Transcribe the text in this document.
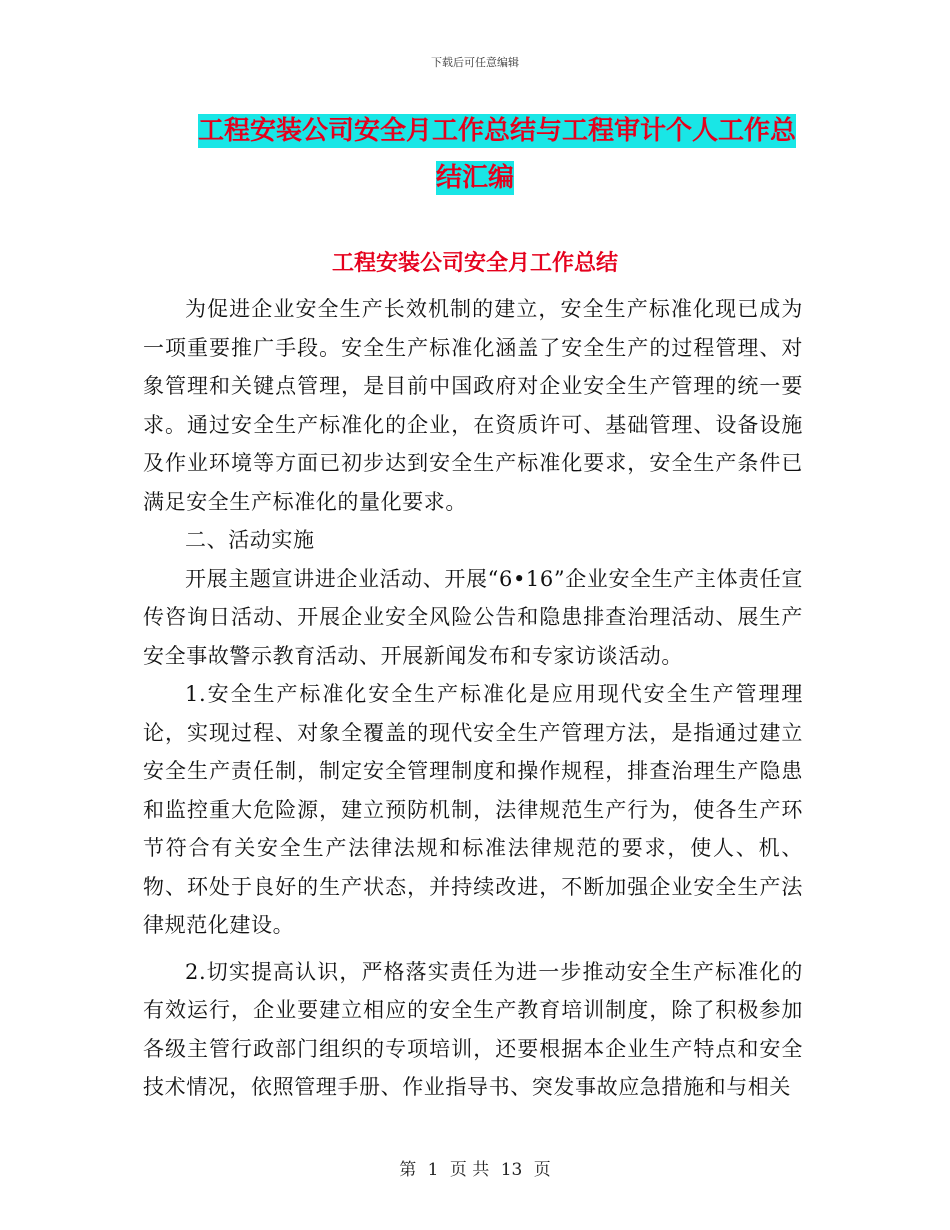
下载后可任意编辑
工程安装公司安全月工作总结与工程审计个人工作总
结汇编
工程安装公司安全月工作总结

为促进企业安全生产长效机制的建立，安全生产标准化现已成为一项重要推广手段。安全生产标准化涵盖了安全生产的过程管理、对象管理和关键点管理，是目前中国政府对企业安全生产管理的统一要求。通过安全生产标准化的企业，在资质许可、基础管理、设备设施及作业环境等方面已初步达到安全生产标准化要求，安全生产条件已满足安全生产标准化的量化要求。

二、活动实施

开展主题宣讲进企业活动、开展“6•16”企业安全生产主体责任宣传咨询日活动、开展企业安全风险公告和隐患排查治理活动、展生产安全事故警示教育活动、开展新闻发布和专家访谈活动。

1.安全生产标准化安全生产标准化是应用现代安全生产管理理论，实现过程、对象全覆盖的现代安全生产管理方法，是指通过建立安全生产责任制，制定安全管理制度和操作规程，排查治理生产隐患和监控重大危险源，建立预防机制，法律规范生产行为，使各生产环节符合有关安全生产法律法规和标准法律规范的要求，使人、机、物、环处于良好的生产状态，并持续改进，不断加强企业安全生产法律规范化建设。

2.切实提高认识，严格落实责任为进一步推动安全生产标准化的有效运行，企业要建立相应的安全生产教育培训制度，除了积极参加各级主管行政部门组织的专项培训，还要根据本企业生产特点和安全技术情况，依照管理手册、作业指导书、突发事故应急措施和与相关

第 1 页 共 13 页
